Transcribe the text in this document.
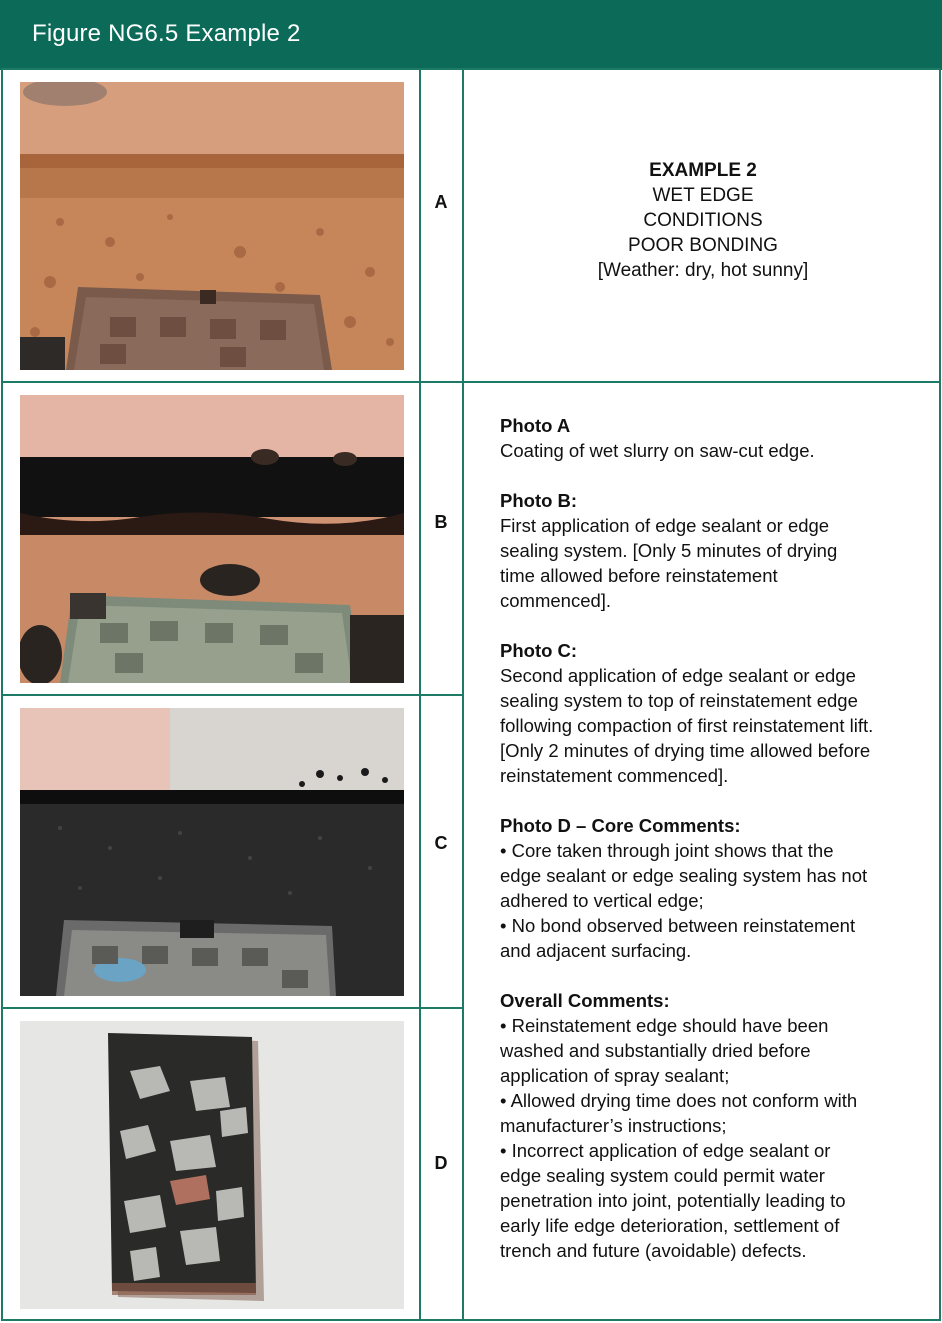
Figure NG6.5 Example 2
A
B
C
D
EXAMPLE 2
WET EDGE
CONDITIONS
POOR BONDING
[Weather: dry, hot sunny]
Photo A
Coating of wet slurry on saw-cut edge.
Photo B:
First application of edge sealant or edge
sealing system. [Only 5 minutes of drying
time allowed before reinstatement
commenced].
Photo C:
Second application of edge sealant or edge
sealing system to top of reinstatement edge
following compaction of first reinstatement lift.
[Only 2 minutes of drying time allowed before
reinstatement commenced].
Photo D – Core Comments:
• Core taken through joint shows that the
edge sealant or edge sealing system has not
adhered to vertical edge;
• No bond observed between reinstatement
and adjacent surfacing.
Overall Comments:
• Reinstatement edge should have been
washed and substantially dried before
application of spray sealant;
• Allowed drying time does not conform with
manufacturer’s instructions;
• Incorrect application of edge sealant or
edge sealing system could permit water
penetration into joint, potentially leading to
early life edge deterioration, settlement of
trench and future (avoidable) defects.
